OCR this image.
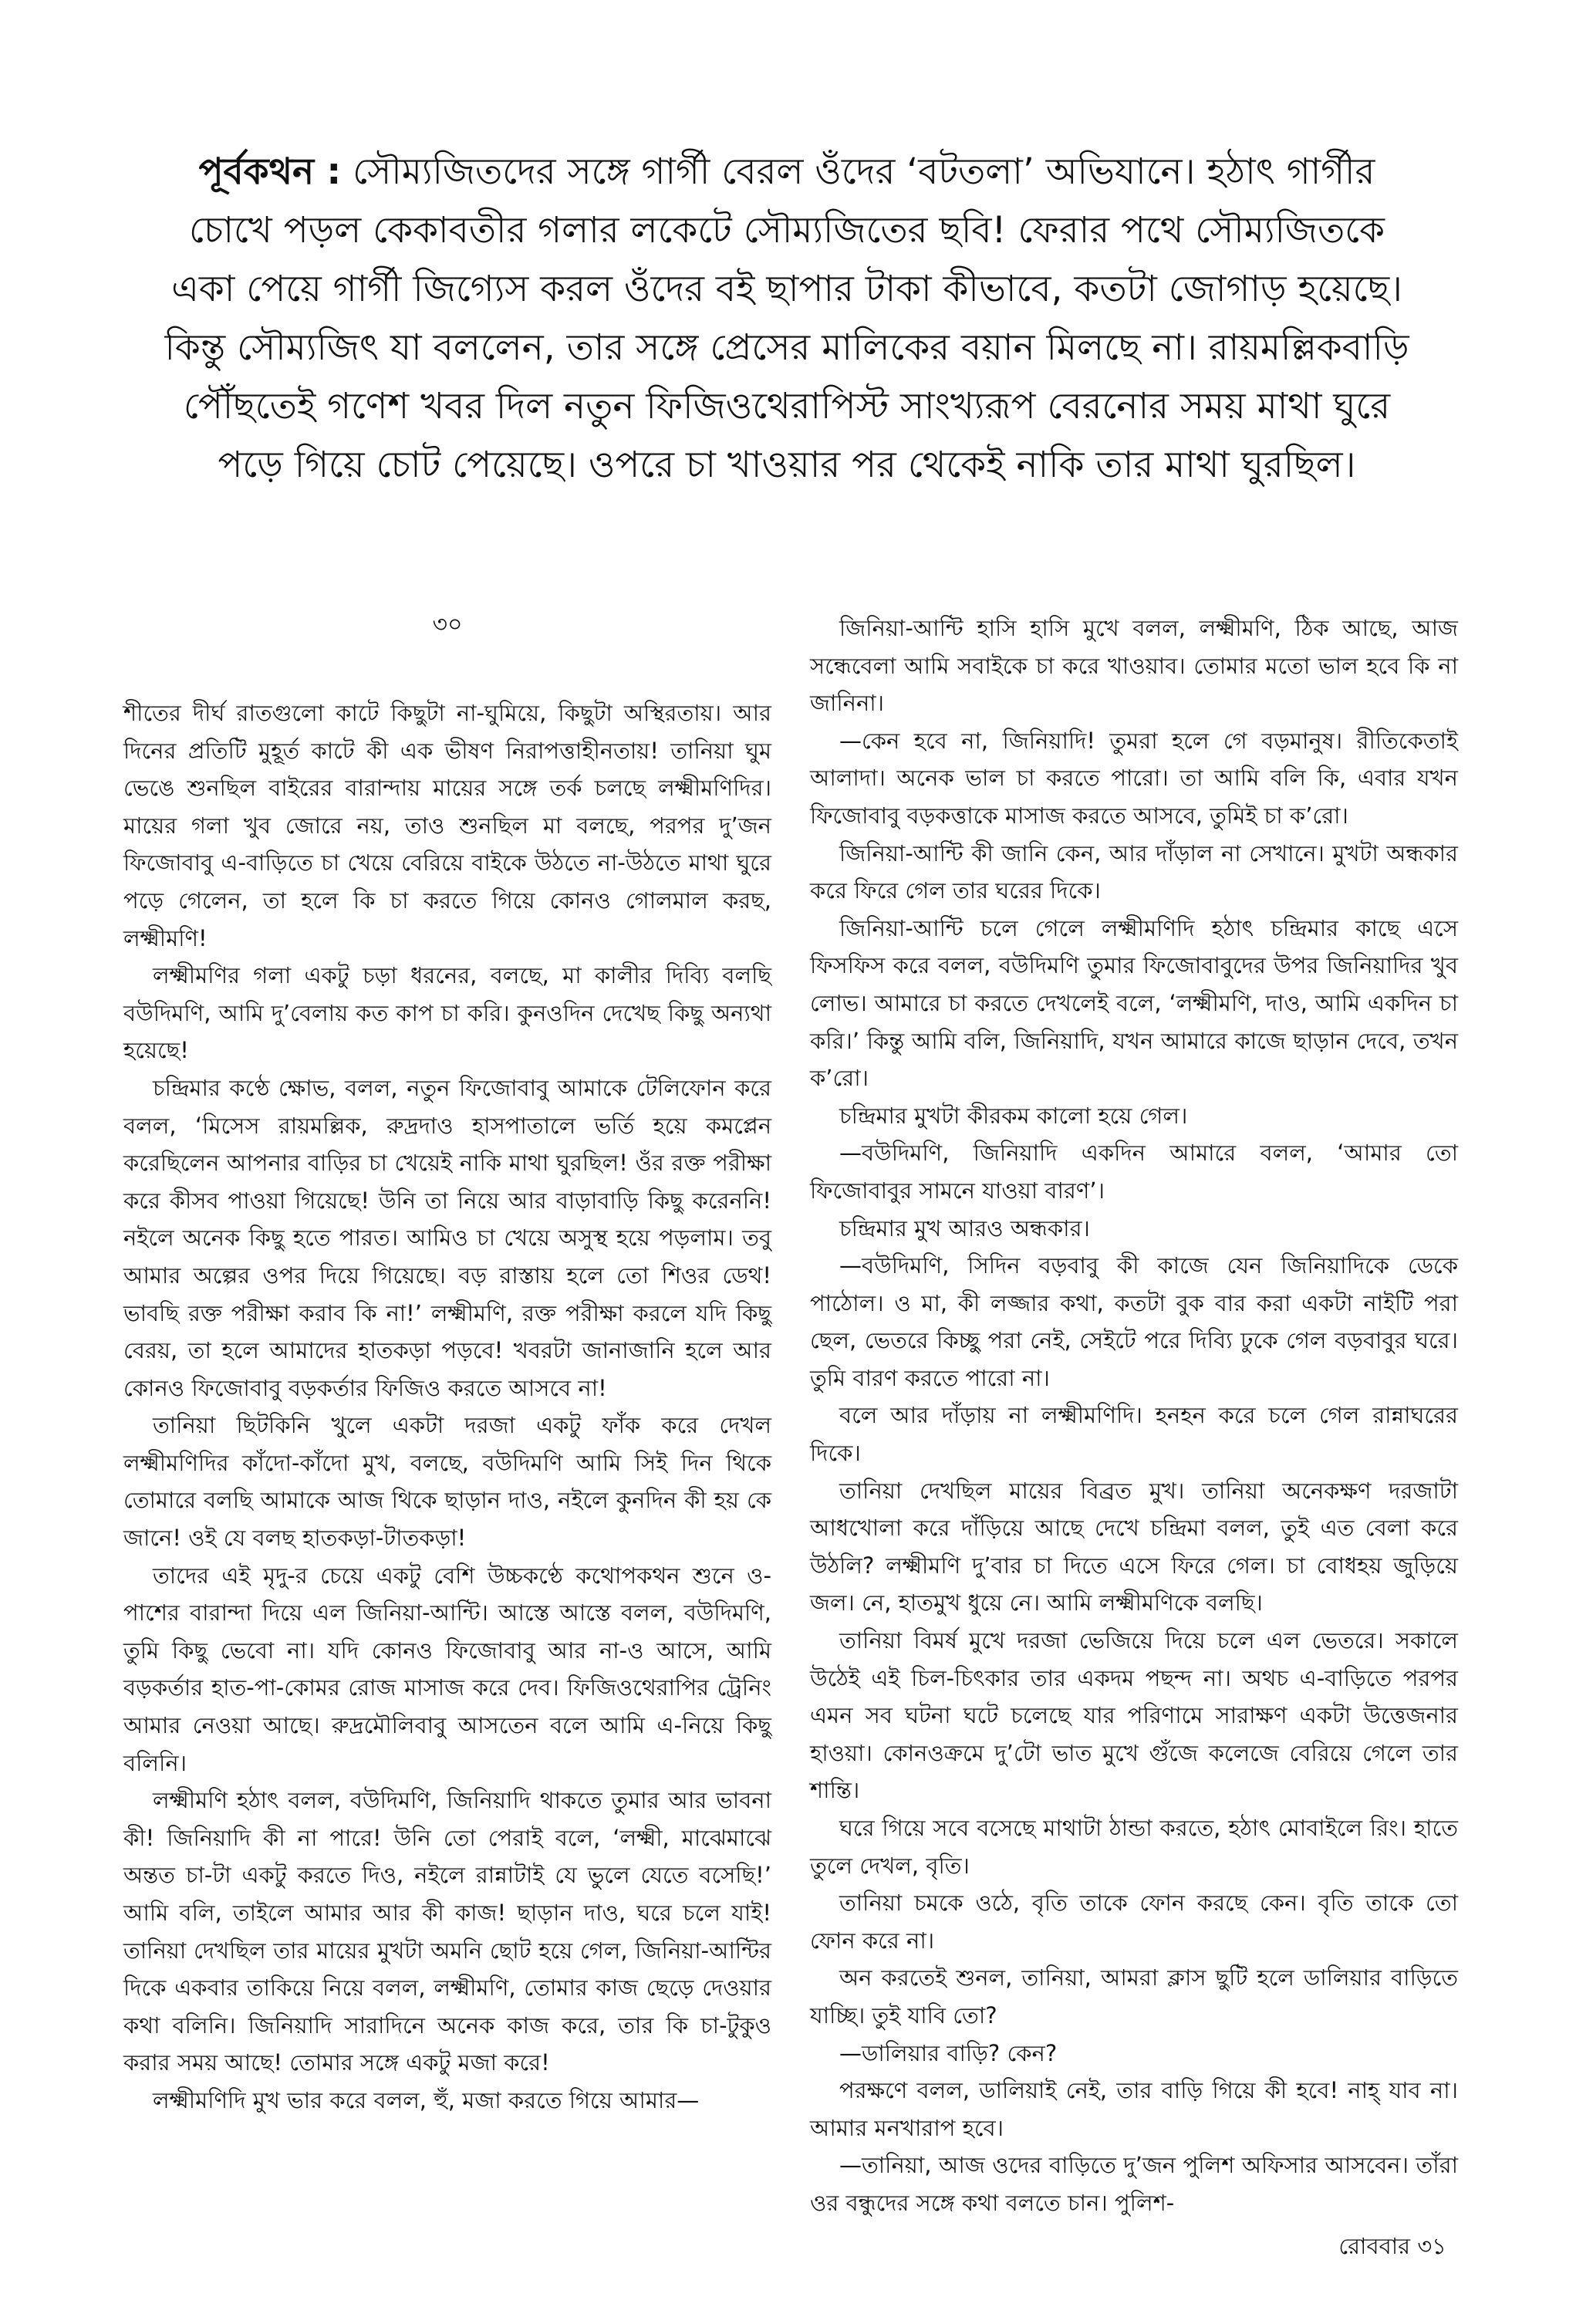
পূর্বকথন : সৌম্যজিতদের সঙ্গে গার্গী বেরল ওঁদের ‘বটতলা’ অভিযানে। হঠাৎ গার্গীর চোখে পড়ল কেকাবতীর গলার লকেটে সৌম্যজিতের ছবি! ফেরার পথে সৌম্যজিতকে একা পেয়ে গার্গী জিগ্যেস করল ওঁদের বই ছাপার টাকা কীভাবে, কতটা জোগাড় হয়েছে। কিন্তু সৌম্যজিৎ যা বললেন, তার সঙ্গে প্রেসের মালিকের বয়ান মিলছে না। রায়মল্লিকবাড়ি পৌঁছতেই গণেশ খবর দিল নতুন ফিজিওথেরাপিস্ট সাংখ্যরূপ বেরনোর সময় মাথা ঘুরে পড়ে গিয়ে চোট পেয়েছে। ওপরে চা খাওয়ার পর থেকেই নাকি তার মাথা ঘুরছিল।
৩০

শীতের দীর্ঘ রাতগুলো কাটে কিছুটা না-ঘুমিয়ে, কিছুটা অস্থিরতায়। আর দিনের প্রতিটি মুহূর্ত কাটে কী এক ভীষণ নিরাপত্তাহীনতায়! তানিয়া ঘুম ভেঙে শুনছিল বাইরের বারান্দায় মায়ের সঙ্গে তর্ক চলছে লক্ষ্মীমণিদির। মায়ের গলা খুব জোরে নয়, তাও শুনছিল মা বলছে, পরপর দু’জন ফিজোবাবু এ-বাড়িতে চা খেয়ে বেরিয়ে বাইকে উঠতে না-উঠতে মাথা ঘুরে পড়ে গেলেন, তা হলে কি চা করতে গিয়ে কোনও গোলমাল করছ, লক্ষ্মীমণি!

লক্ষ্মীমণির গলা একটু চড়া ধরনের, বলছে, মা কালীর দিব্যি বলছি বউদিমণি, আমি দু’বেলায় কত কাপ চা করি। কুনওদিন দেখেছ কিছু অন্যথা হয়েছে!

চন্দ্রিমার কণ্ঠে ক্ষোভ, বলল, নতুন ফিজোবাবু আমাকে টেলিফোন করে বলল, ‘মিসেস রায়মল্লিক, রুদ্রদাও হাসপাতালে ভর্তি হয়ে কমপ্লেন করেছিলেন আপনার বাড়ির চা খেয়েই নাকি মাথা ঘুরছিল! ওঁর রক্ত পরীক্ষা করে কীসব পাওয়া গিয়েছে! উনি তা নিয়ে আর বাড়াবাড়ি কিছু করেননি! নইলে অনেক কিছু হতে পারত। আমিও চা খেয়ে অসুস্থ হয়ে পড়লাম। তবু আমার অল্পের ওপর দিয়ে গিয়েছে। বড় রাস্তায় হলে তো শিওর ডেথ! ভাবছি রক্ত পরীক্ষা করাব কি না!’ লক্ষ্মীমণি, রক্ত পরীক্ষা করলে যদি কিছু বেরয়, তা হলে আমাদের হাতকড়া পড়বে! খবরটা জানাজানি হলে আর কোনও ফিজোবাবু বড়কর্তার ফিজিও করতে আসবে না!

তানিয়া ছিটকিনি খুলে একটা দরজা একটু ফাঁক করে দেখল লক্ষ্মীমণিদির কাঁদো-কাঁদো মুখ, বলছে, বউদিমণি আমি সিই দিন থিকে তোমারে বলছি আমাকে আজ থিকে ছাড়ান দাও, নইলে কুনদিন কী হয় কে জানে! ওই যে বলছ হাতকড়া-টাতকড়া!

তাদের এই মৃদু-র চেয়ে একটু বেশি উচ্চকণ্ঠে কথোপকথন শুনে ও-পাশের বারান্দা দিয়ে এল জিনিয়া-আন্টি। আস্তে আস্তে বলল, বউদিমণি, তুমি কিছু ভেবো না। যদি কোনও ফিজোবাবু আর না-ও আসে, আমি বড়কর্তার হাত-পা-কোমর রোজ মাসাজ করে দেব। ফিজিওথেরাপির ট্রেনিং আমার নেওয়া আছে। রুদ্রমৌলিবাবু আসতেন বলে আমি এ-নিয়ে কিছু বলিনি।

লক্ষ্মীমণি হঠাৎ বলল, বউদিমণি, জিনিয়াদি থাকতে তুমার আর ভাবনা কী! জিনিয়াদি কী না পারে! উনি তো পেরাই বলে, ‘লক্ষ্মী, মাঝেমাঝে অন্তত চা-টা একটু করতে দিও, নইলে রান্নাটাই যে ভুলে যেতে বসেছি!’ আমি বলি, তাইলে আমার আর কী কাজ! ছাড়ান দাও, ঘরে চলে যাই! তানিয়া দেখছিল তার মায়ের মুখটা অমনি ছোট হয়ে গেল, জিনিয়া-আন্টির দিকে একবার তাকিয়ে নিয়ে বলল, লক্ষ্মীমণি, তোমার কাজ ছেড়ে দেওয়ার কথা বলিনি। জিনিয়াদি সারাদিনে অনেক কাজ করে, তার কি চা-টুকুও করার সময় আছে! তোমার সঙ্গে একটু মজা করে!

লক্ষ্মীমণিদি মুখ ভার করে বলল, হুঁ, মজা করতে গিয়ে আমার—

জিনিয়া-আন্টি হাসি হাসি মুখে বলল, লক্ষ্মীমণি, ঠিক আছে, আজ সন্ধেবেলা আমি সবাইকে চা করে খাওয়াব। তোমার মতো ভাল হবে কি না জানিনা।

—কেন হবে না, জিনিয়াদি! তুমরা হলে গে বড়মানুষ। রীতিকেতাই আলাদা। অনেক ভাল চা করতে পারো। তা আমি বলি কি, এবার যখন ফিজোবাবু বড়কত্তাকে মাসাজ করতে আসবে, তুমিই চা ক’রো।

জিনিয়া-আন্টি কী জানি কেন, আর দাঁড়াল না সেখানে। মুখটা অন্ধকার করে ফিরে গেল তার ঘরের দিকে।

জিনিয়া-আন্টি চলে গেলে লক্ষ্মীমণিদি হঠাৎ চন্দ্রিমার কাছে এসে ফিসফিস করে বলল, বউদিমণি তুমার ফিজোবাবুদের উপর জিনিয়াদির খুব লোভ। আমারে চা করতে দেখলেই বলে, ‘লক্ষ্মীমণি, দাও, আমি একদিন চা করি।’ কিন্তু আমি বলি, জিনিয়াদি, যখন আমারে কাজে ছাড়ান দেবে, তখন ক’রো।

চন্দ্রিমার মুখটা কীরকম কালো হয়ে গেল।

—বউদিমণি, জিনিয়াদি একদিন আমারে বলল, ‘আমার তো ফিজোবাবুর সামনে যাওয়া বারণ’।

চন্দ্রিমার মুখ আরও অন্ধকার।

—বউদিমণি, সিদিন বড়বাবু কী কাজে যেন জিনিয়াদিকে ডেকে পাঠোল। ও মা, কী লজ্জার কথা, কতটা বুক বার করা একটা নাইটি পরা ছেল, ভেতরে কিচ্ছু পরা নেই, সেইটে পরে দিব্যি ঢুকে গেল বড়বাবুর ঘরে। তুমি বারণ করতে পারো না।

বলে আর দাঁড়ায় না লক্ষ্মীমণিদি। হনহন করে চলে গেল রান্নাঘরের দিকে।

তানিয়া দেখছিল মায়ের বিব্রত মুখ। তানিয়া অনেকক্ষণ দরজাটা আধখোলা করে দাঁড়িয়ে আছে দেখে চন্দ্রিমা বলল, তুই এত বেলা করে উঠলি? লক্ষ্মীমণি দু’বার চা দিতে এসে ফিরে গেল। চা বোধহয় জুড়িয়ে জল। নে, হাতমুখ ধুয়ে নে। আমি লক্ষ্মীমণিকে বলছি।

তানিয়া বিমর্ষ মুখে দরজা ভেজিয়ে দিয়ে চলে এল ভেতরে। সকালে উঠেই এই চিল-চিৎকার তার একদম পছন্দ না। অথচ এ-বাড়িতে পরপর এমন সব ঘটনা ঘটে চলেছে যার পরিণামে সারাক্ষণ একটা উত্তেজনার হাওয়া। কোনওক্রমে দু’টো ভাত মুখে গুঁজে কলেজে বেরিয়ে গেলে তার শান্তি।

ঘরে গিয়ে সবে বসেছে মাথাটা ঠান্ডা করতে, হঠাৎ মোবাইলে রিং। হাতে তুলে দেখল, বৃতি।

তানিয়া চমকে ওঠে, বৃতি তাকে ফোন করছে কেন। বৃতি তাকে তো ফোন করে না।

অন করতেই শুনল, তানিয়া, আমরা ক্লাস ছুটি হলে ডালিয়ার বাড়িতে যাচ্ছি। তুই যাবি তো?

—ডালিয়ার বাড়ি? কেন?

পরক্ষণে বলল, ডালিয়াই নেই, তার বাড়ি গিয়ে কী হবে! নাহ্‌ যাব না। আমার মনখারাপ হবে।

—তানিয়া, আজ ওদের বাড়িতে দু’জন পুলিশ অফিসার আসবেন। তাঁরা ওর বন্ধুদের সঙ্গে কথা বলতে চান। পুলিশ-

রোববার ৩১
